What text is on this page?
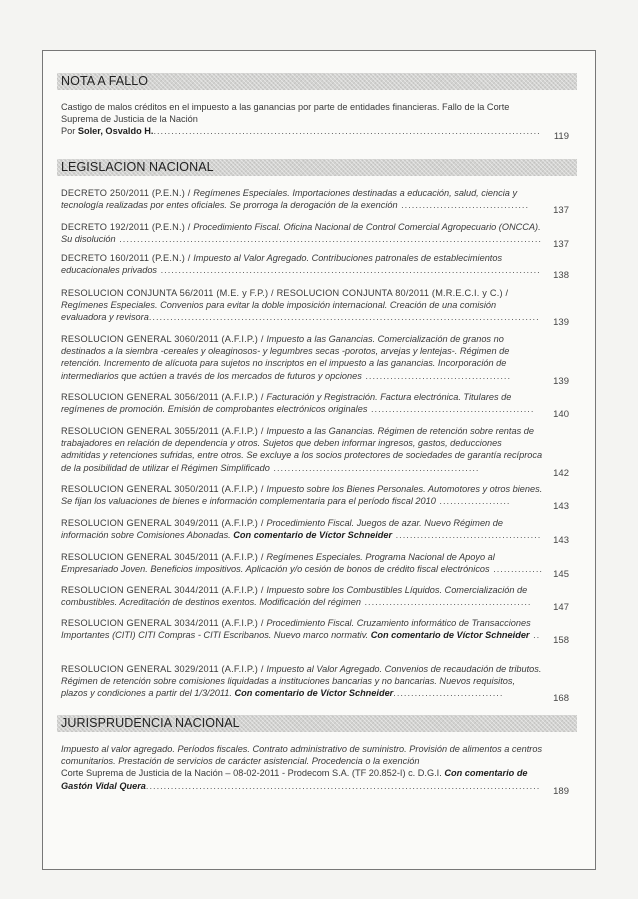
NOTA A FALLO
Castigo de malos créditos en el impuesto a las ganancias por parte de entidades financieras. Fallo de la Corte Suprema de Justicia de la Nación
Por Soler, Osvaldo H..............................................................................................................	119
LEGISLACION NACIONAL
DECRETO 250/2011 (P.E.N.) / Regímenes Especiales. Importaciones destinadas a educación, salud, ciencia y tecnología realizadas por entes oficiales. Se prorroga la derogación de la exención ....................................	137
DECRETO 192/2011 (P.E.N.) / Procedimiento Fiscal. Oficina Nacional de Control Comercial Agropecuario (ONCCA). Su disolución .......................................................................................................................	137
DECRETO 160/2011 (P.E.N.) / Impuesto al Valor Agregado. Contribuciones patronales de establecimientos educacionales privados ...........................................................................................................	138
RESOLUCION CONJUNTA 56/2011 (M.E. y F.P.) / RESOLUCION CONJUNTA 80/2011 (M.R.E.C.I. y C.) / Regímenes Especiales. Convenios para evitar la doble imposición internacional. Creación de una comisión evaluadora y revisora..............................................................................................................	139
RESOLUCION GENERAL 3060/2011 (A.F.I.P.) / Impuesto a las Ganancias. Comercialización de granos no destinados a la siembra -cereales y oleaginosos- y legumbres secas -porotos, arvejas y lentejas-. Régimen de retención. Incremento de alícuota para sujetos no inscriptos en el impuesto a las ganancias. Incorporación de intermediarios que actúen a través de los mercados de futuros y opciones .........................................	139
RESOLUCION GENERAL 3056/2011 (A.F.I.P.) / Facturación y Registración. Factura electrónica. Titulares de regímenes de promoción. Emisión de comprobantes electrónicos originales ..............................................	140
RESOLUCION GENERAL 3055/2011 (A.F.I.P.) / Impuesto a las Ganancias. Régimen de retención sobre rentas de trabajadores en relación de dependencia y otros. Sujetos que deben informar ingresos, gastos, deducciones admitidas y retenciones sufridas, entre otros. Se excluye a los socios protectores de sociedades de garantía recíproca de la posibilidad de utilizar el Régimen Simplificado ..........................................................	142
RESOLUCION GENERAL 3050/2011 (A.F.I.P.) / Impuesto sobre los Bienes Personales. Automotores y otros bienes. Se fijan los valuaciones de bienes e información complementaria para el período fiscal 2010 ....................	143
RESOLUCION GENERAL 3049/2011 (A.F.I.P.) / Procedimiento Fiscal. Juegos de azar. Nuevo Régimen de información sobre Comisiones Abonadas. Con comentario de Víctor Schneider .........................................	143
RESOLUCION GENERAL 3045/2011 (A.F.I.P.) / Regímenes Especiales. Programa Nacional de Apoyo al Empresariado Joven. Beneficios impositivos. Aplicación y/o cesión de bonos de crédito fiscal electrónicos ..............	145
RESOLUCION GENERAL 3044/2011 (A.F.I.P.) / Impuesto sobre los Combustibles Líquidos. Comercialización de combustibles. Acreditación de destinos exentos. Modificación del régimen ...............................................	147
RESOLUCION GENERAL 3034/2011 (A.F.I.P.) / Procedimiento Fiscal. Cruzamiento informático de Transacciones Importantes (CITI) CITI Compras - CITI Escribanos. Nuevo marco normativ. Con comentario de Víctor Schneider ..	158
RESOLUCION GENERAL 3029/2011 (A.F.I.P.) / Impuesto al Valor Agregado. Convenios de recaudación de tributos. Régimen de retención sobre comisiones liquidadas a instituciones bancarias y no bancarias. Nuevos requisitos, plazos y condiciones a partir del 1/3/2011. Con comentario de Víctor Schneider...............................	168
JURISPRUDENCIA NACIONAL
Impuesto al valor agregado. Períodos fiscales. Contrato administrativo de suministro. Provisión de alimentos a centros comunitarios. Prestación de servicios de carácter asistencial. Procedencia o la exención
Corte Suprema de Justicia de la Nación – 08-02-2011 - Prodecom S.A. (TF 20.852-I) c. D.G.I. Con comentario de Gastón Vidal Quera...............................................................................................................	189
